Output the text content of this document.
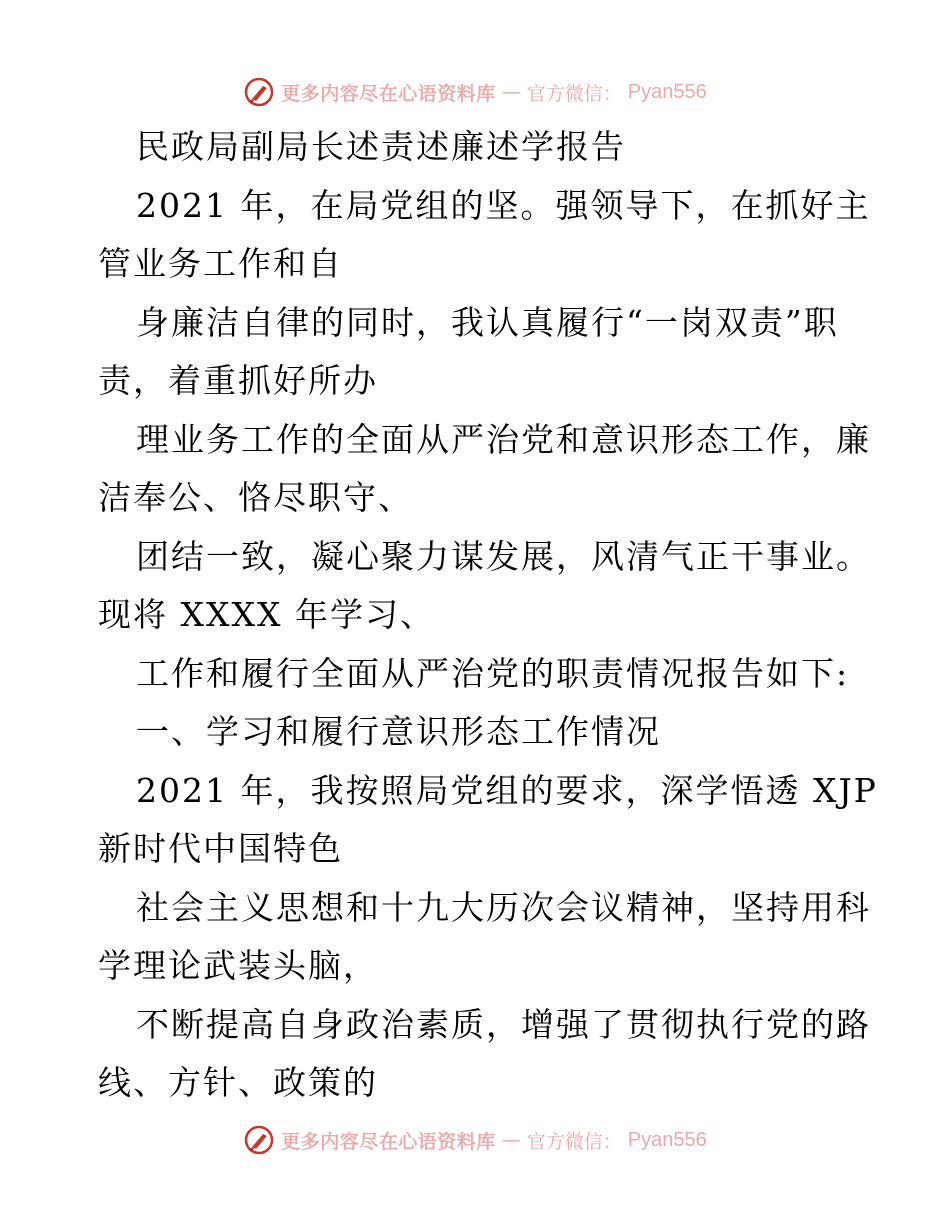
更多内容尽在心语资料库 — 官方微信： Pyan556
民政局副局长述责述廉述学报告
2021 年，在局党组的坚。强领导下，在抓好主
管业务工作和自
身廉洁自律的同时，我认真履行“一岗双责”职
责，着重抓好所办
理业务工作的全面从严治党和意识形态工作，廉
洁奉公、恪尽职守、
团结一致，凝心聚力谋发展，风清气正干事业。
现将 XXXX 年学习、
工作和履行全面从严治党的职责情况报告如下:
一、学习和履行意识形态工作情况
2021 年，我按照局党组的要求，深学悟透 XJP
新时代中国特色
社会主义思想和十九大历次会议精神，坚持用科
学理论武装头脑，
不断提高自身政治素质，增强了贯彻执行党的路
线、方针、政策的
更多内容尽在心语资料库 — 官方微信： Pyan556
